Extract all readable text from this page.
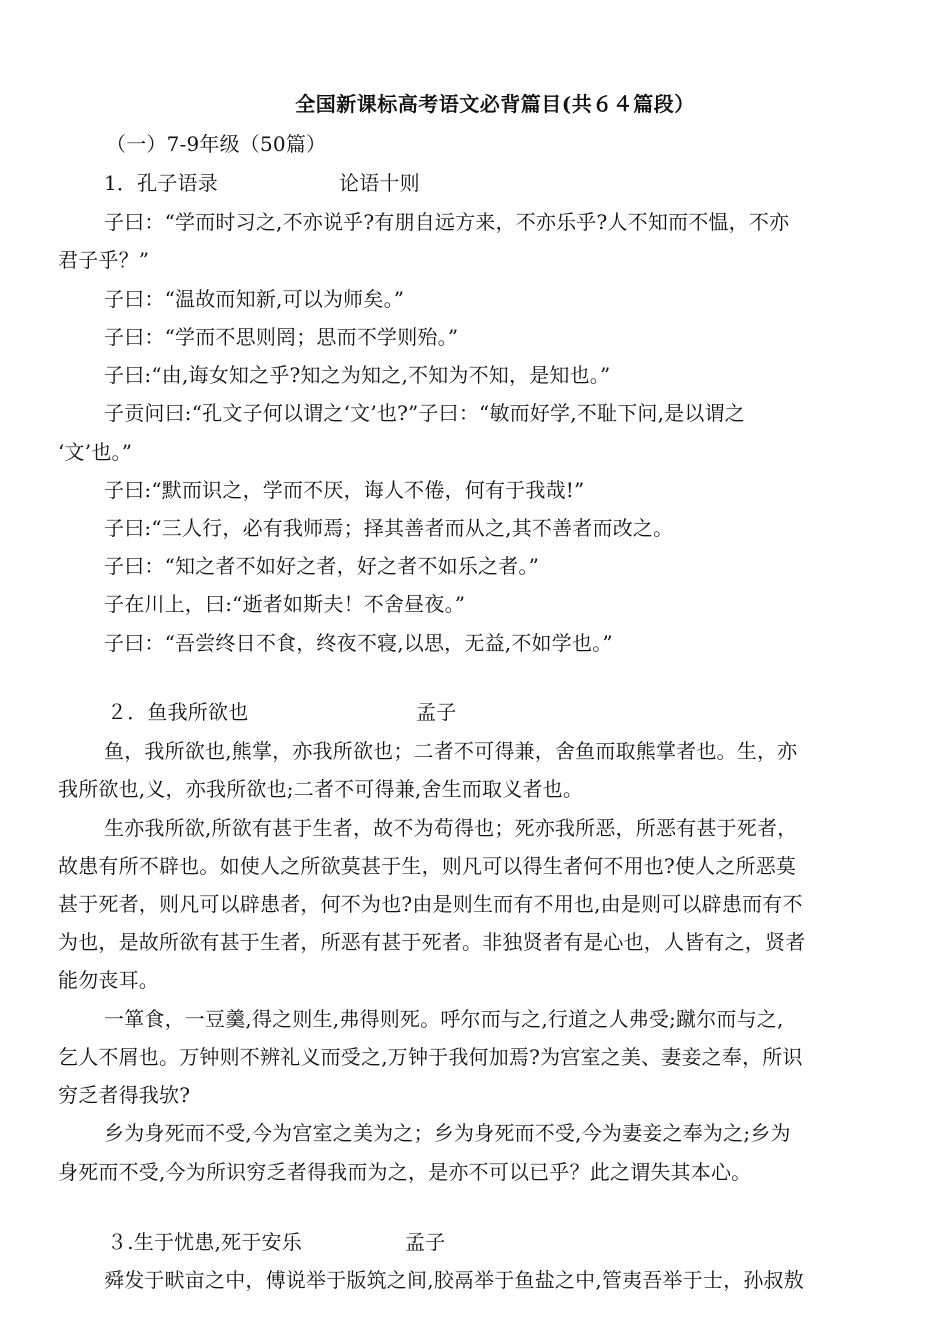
全国新课标高考语文必背篇目(共６４篇段）
（一）7-9年级（50篇）
1．孔子语录	论语十则
子曰：“学而时习之,不亦说乎?有朋自远方来，不亦乐乎?人不知而不愠，不亦
君子乎？”
子曰：“温故而知新,可以为师矣。”
子曰：“学而不思则罔；思而不学则殆。”
子曰:“由,诲女知之乎?知之为知之,不知为不知，是知也。”
子贡问曰:“孔文子何以谓之‘文’也?”子曰：“敏而好学,不耻下问,是以谓之
‘文’也。”
子曰:“默而识之，学而不厌，诲人不倦，何有于我哉!”
子曰:“三人行，必有我师焉；择其善者而从之,其不善者而改之。
子曰：“知之者不如好之者，好之者不如乐之者。”
子在川上，曰:“逝者如斯夫！不舍昼夜。”
子曰：“吾尝终日不食，终夜不寝,以思，无益,不如学也。”
２．鱼我所欲也	孟子
鱼，我所欲也,熊掌，亦我所欲也；二者不可得兼，舍鱼而取熊掌者也。生，亦
我所欲也,义，亦我所欲也;二者不可得兼,舍生而取义者也。
生亦我所欲,所欲有甚于生者，故不为苟得也；死亦我所恶，所恶有甚于死者，
故患有所不辟也。如使人之所欲莫甚于生，则凡可以得生者何不用也?使人之所恶莫
甚于死者，则凡可以辟患者，何不为也?由是则生而有不用也,由是则可以辟患而有不
为也，是故所欲有甚于生者，所恶有甚于死者。非独贤者有是心也，人皆有之，贤者
能勿丧耳。
一箪食，一豆羹,得之则生,弗得则死。呼尔而与之,行道之人弗受;蹴尔而与之,
乞人不屑也。万钟则不辨礼义而受之,万钟于我何加焉?为宫室之美、妻妾之奉，所识
穷乏者得我欤?
乡为身死而不受,今为宫室之美为之；乡为身死而不受,今为妻妾之奉为之;乡为
身死而不受,今为所识穷乏者得我而为之，是亦不可以已乎？此之谓失其本心。
３.生于忧患,死于安乐	孟子
舜发于畎亩之中，傅说举于版筑之间,胶鬲举于鱼盐之中,管夷吾举于士，孙叔敖
